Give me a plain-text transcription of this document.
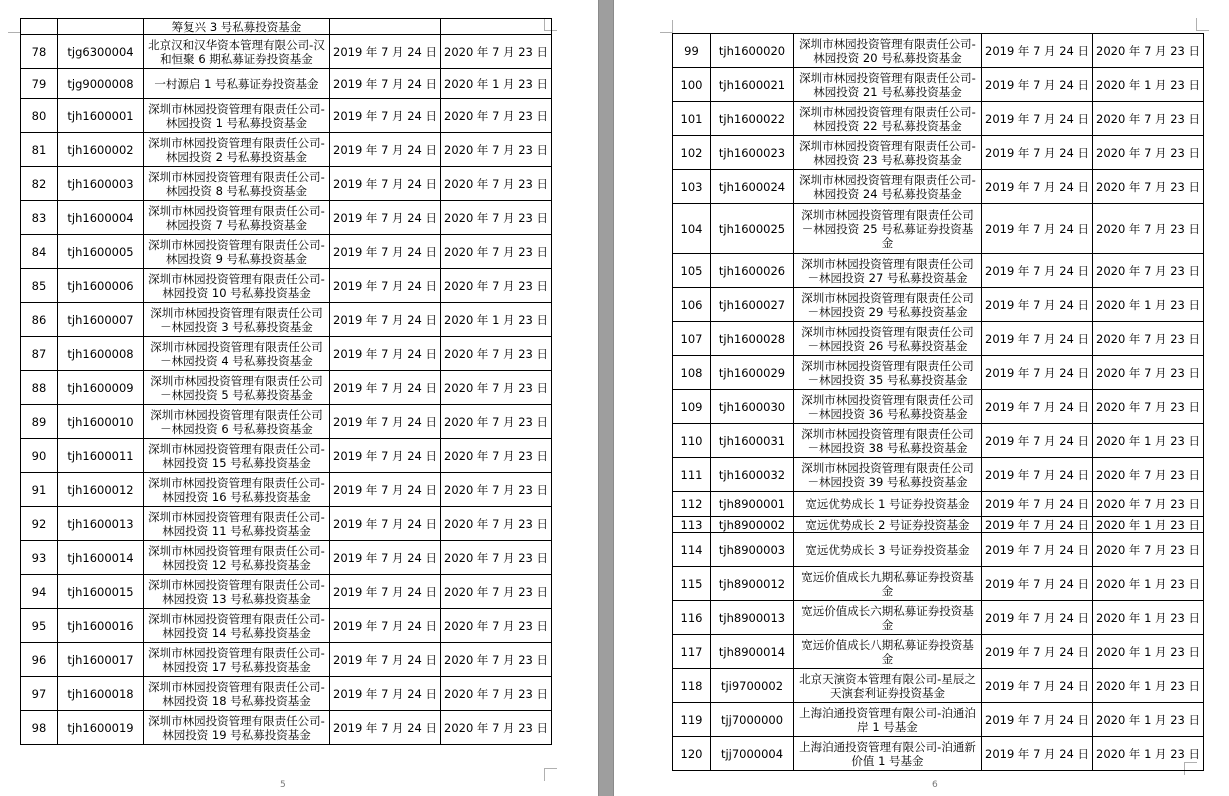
5	6
		筹复兴 3 号私募投资基金		
78	tjg6300004	北京汉和汉华资本管理有限公司-汉和恒聚 6 期私募证券投资基金	2019 年 7 月 24 日	2020 年 7 月 23 日
79	tjg9000008	一村源启 1 号私募证券投资基金	2019 年 7 月 24 日	2020 年 1 月 23 日
80	tjh1600001	深圳市林园投资管理有限责任公司-林园投资 1 号私募投资基金	2019 年 7 月 24 日	2020 年 7 月 23 日
81	tjh1600002	深圳市林园投资管理有限责任公司-林园投资 2 号私募投资基金	2019 年 7 月 24 日	2020 年 7 月 23 日
82	tjh1600003	深圳市林园投资管理有限责任公司-林园投资 8 号私募投资基金	2019 年 7 月 24 日	2020 年 7 月 23 日
83	tjh1600004	深圳市林园投资管理有限责任公司-林园投资 7 号私募投资基金	2019 年 7 月 24 日	2020 年 7 月 23 日
84	tjh1600005	深圳市林园投资管理有限责任公司-林园投资 9 号私募投资基金	2019 年 7 月 24 日	2020 年 7 月 23 日
85	tjh1600006	深圳市林园投资管理有限责任公司-林园投资 10 号私募投资基金	2019 年 7 月 24 日	2020 年 7 月 23 日
86	tjh1600007	深圳市林园投资管理有限责任公司－林园投资 3 号私募投资基金	2019 年 7 月 24 日	2020 年 1 月 23 日
87	tjh1600008	深圳市林园投资管理有限责任公司－林园投资 4 号私募投资基金	2019 年 7 月 24 日	2020 年 7 月 23 日
88	tjh1600009	深圳市林园投资管理有限责任公司－林园投资 5 号私募投资基金	2019 年 7 月 24 日	2020 年 7 月 23 日
89	tjh1600010	深圳市林园投资管理有限责任公司－林园投资 6 号私募投资基金	2019 年 7 月 24 日	2020 年 7 月 23 日
90	tjh1600011	深圳市林园投资管理有限责任公司-林园投资 15 号私募投资基金	2019 年 7 月 24 日	2020 年 7 月 23 日
91	tjh1600012	深圳市林园投资管理有限责任公司-林园投资 16 号私募投资基金	2019 年 7 月 24 日	2020 年 7 月 23 日
92	tjh1600013	深圳市林园投资管理有限责任公司-林园投资 11 号私募投资基金	2019 年 7 月 24 日	2020 年 7 月 23 日
93	tjh1600014	深圳市林园投资管理有限责任公司-林园投资 12 号私募投资基金	2019 年 7 月 24 日	2020 年 7 月 23 日
94	tjh1600015	深圳市林园投资管理有限责任公司-林园投资 13 号私募投资基金	2019 年 7 月 24 日	2020 年 7 月 23 日
95	tjh1600016	深圳市林园投资管理有限责任公司-林园投资 14 号私募投资基金	2019 年 7 月 24 日	2020 年 7 月 23 日
96	tjh1600017	深圳市林园投资管理有限责任公司-林园投资 17 号私募投资基金	2019 年 7 月 24 日	2020 年 7 月 23 日
97	tjh1600018	深圳市林园投资管理有限责任公司-林园投资 18 号私募投资基金	2019 年 7 月 24 日	2020 年 7 月 23 日
98	tjh1600019	深圳市林园投资管理有限责任公司-林园投资 19 号私募投资基金	2019 年 7 月 24 日	2020 年 7 月 23 日
99	tjh1600020	深圳市林园投资管理有限责任公司-林园投资 20 号私募投资基金	2019 年 7 月 24 日	2020 年 7 月 23 日
100	tjh1600021	深圳市林园投资管理有限责任公司-林园投资 21 号私募投资基金	2019 年 7 月 24 日	2020 年 1 月 23 日
101	tjh1600022	深圳市林园投资管理有限责任公司-林园投资 22 号私募投资基金	2019 年 7 月 24 日	2020 年 7 月 23 日
102	tjh1600023	深圳市林园投资管理有限责任公司-林园投资 23 号私募投资基金	2019 年 7 月 24 日	2020 年 7 月 23 日
103	tjh1600024	深圳市林园投资管理有限责任公司-林园投资 24 号私募投资基金	2019 年 7 月 24 日	2020 年 7 月 23 日
104	tjh1600025	深圳市林园投资管理有限责任公司－林园投资 25 号私募证券投资基金	2019 年 7 月 24 日	2020 年 7 月 23 日
105	tjh1600026	深圳市林园投资管理有限责任公司－林园投资 27 号私募投资基金	2019 年 7 月 24 日	2020 年 7 月 23 日
106	tjh1600027	深圳市林园投资管理有限责任公司－林园投资 29 号私募投资基金	2019 年 7 月 24 日	2020 年 1 月 23 日
107	tjh1600028	深圳市林园投资管理有限责任公司－林园投资 26 号私募投资基金	2019 年 7 月 24 日	2020 年 7 月 23 日
108	tjh1600029	深圳市林园投资管理有限责任公司－林园投资 35 号私募投资基金	2019 年 7 月 24 日	2020 年 7 月 23 日
109	tjh1600030	深圳市林园投资管理有限责任公司－林园投资 36 号私募投资基金	2019 年 7 月 24 日	2020 年 7 月 23 日
110	tjh1600031	深圳市林园投资管理有限责任公司－林园投资 38 号私募投资基金	2019 年 7 月 24 日	2020 年 1 月 23 日
111	tjh1600032	深圳市林园投资管理有限责任公司－林园投资 39 号私募投资基金	2019 年 7 月 24 日	2020 年 7 月 23 日
112	tjh8900001	宽远优势成长 1 号证券投资基金	2019 年 7 月 24 日	2020 年 7 月 23 日
113	tjh8900002	宽远优势成长 2 号证券投资基金	2019 年 7 月 24 日	2020 年 1 月 23 日
114	tjh8900003	宽远优势成长 3 号证券投资基金	2019 年 7 月 24 日	2020 年 7 月 23 日
115	tjh8900012	宽远价值成长九期私募证券投资基金	2019 年 7 月 24 日	2020 年 1 月 23 日
116	tjh8900013	宽远价值成长六期私募证券投资基金	2019 年 7 月 24 日	2020 年 1 月 23 日
117	tjh8900014	宽远价值成长八期私募证券投资基金	2019 年 7 月 24 日	2020 年 1 月 23 日
118	tji9700002	北京天演资本管理有限公司-星辰之天演套利证券投资基金	2019 年 7 月 24 日	2020 年 1 月 23 日
119	tjj7000000	上海泊通投资管理有限公司-泊通泊岸 1 号基金	2019 年 7 月 24 日	2020 年 1 月 23 日
120	tjj7000004	上海泊通投资管理有限公司-泊通新价值 1 号基金	2019 年 7 月 24 日	2020 年 1 月 23 日
